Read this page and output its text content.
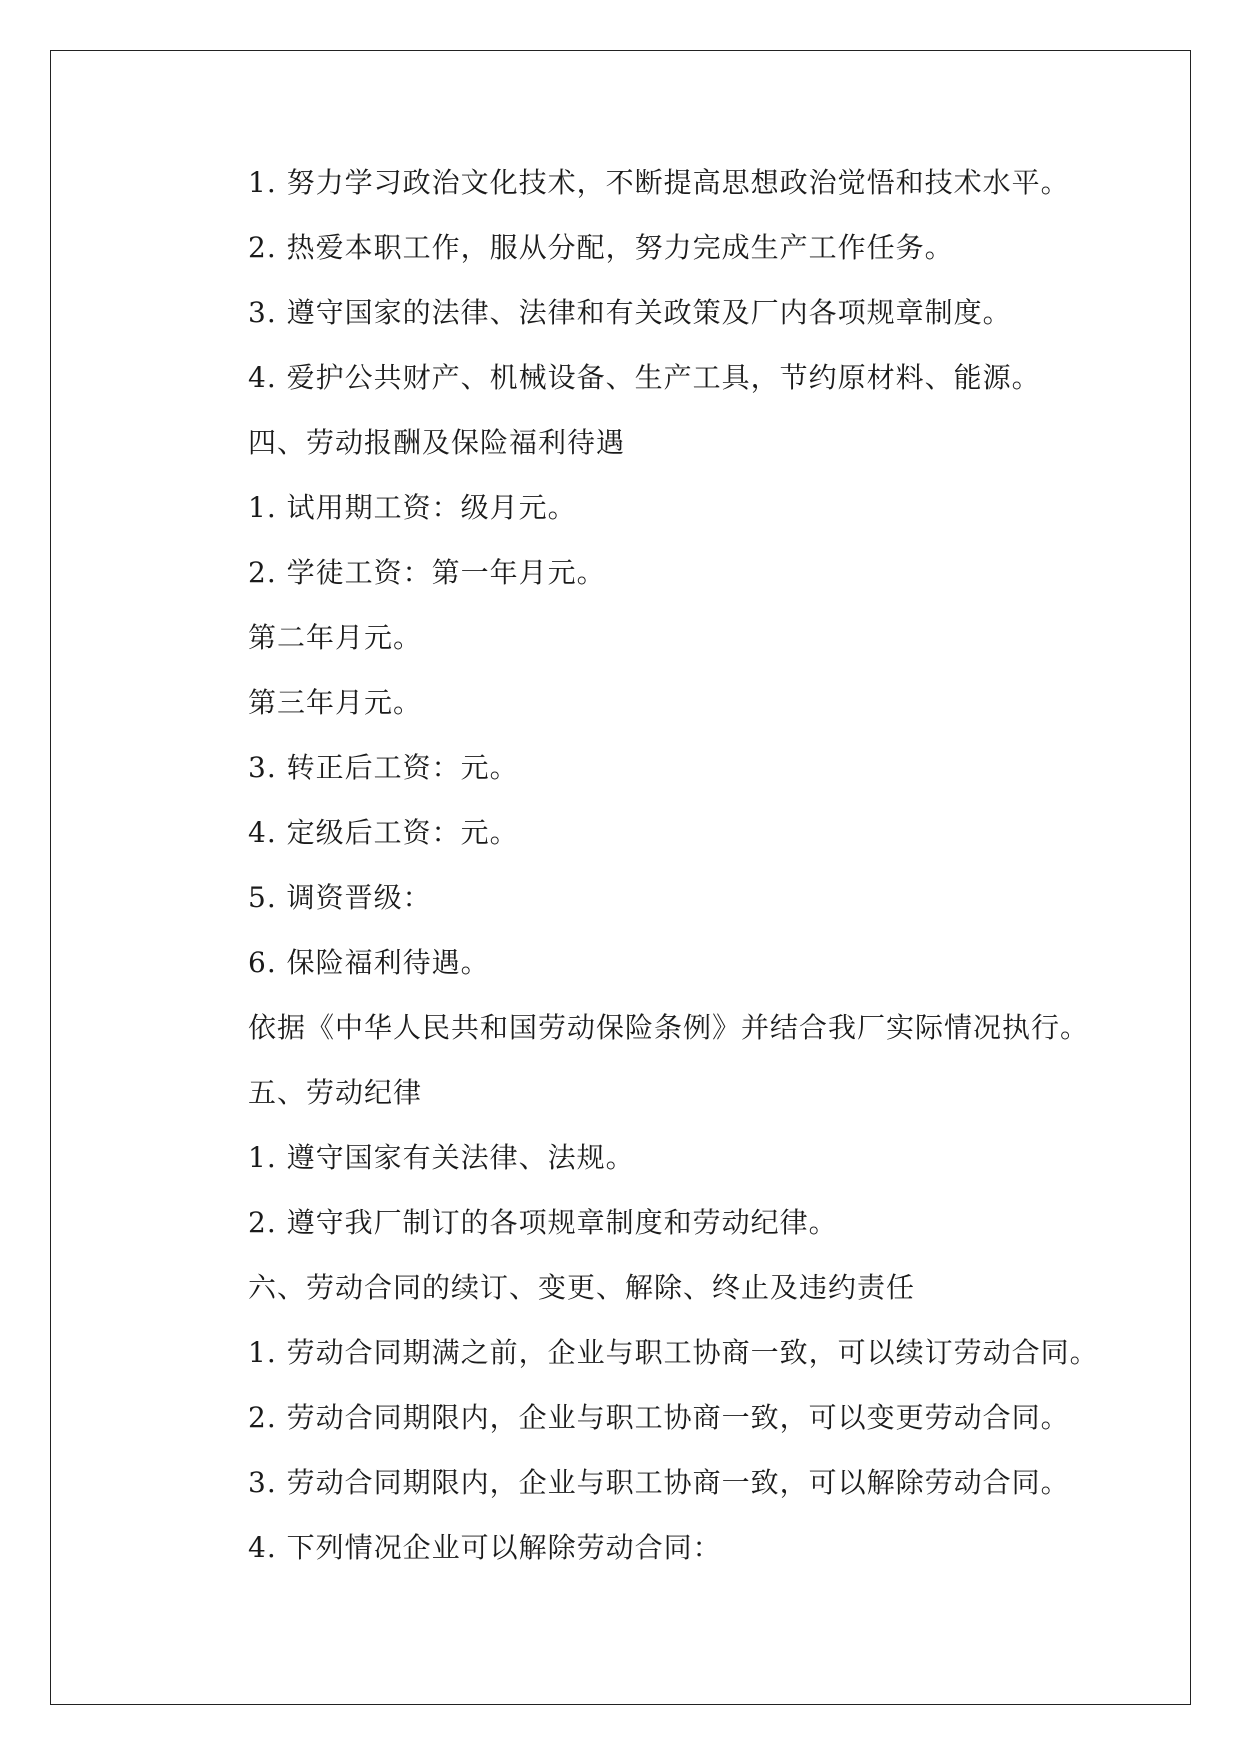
1. 努力学习政治文化技术，不断提高思想政治觉悟和技术水平。
2. 热爱本职工作，服从分配，努力完成生产工作任务。
3. 遵守国家的法律、法律和有关政策及厂内各项规章制度。
4. 爱护公共财产、机械设备、生产工具，节约原材料、能源。
四、劳动报酬及保险福利待遇
1. 试用期工资：级月元。
2. 学徒工资：第一年月元。
第二年月元。
第三年月元。
3. 转正后工资：元。
4. 定级后工资：元。
5. 调资晋级：
6. 保险福利待遇。
依据《中华人民共和国劳动保险条例》并结合我厂实际情况执行。
五、劳动纪律
1. 遵守国家有关法律、法规。
2. 遵守我厂制订的各项规章制度和劳动纪律。
六、劳动合同的续订、变更、解除、终止及违约责任
1. 劳动合同期满之前，企业与职工协商一致，可以续订劳动合同。
2. 劳动合同期限内，企业与职工协商一致，可以变更劳动合同。
3. 劳动合同期限内，企业与职工协商一致，可以解除劳动合同。
4. 下列情况企业可以解除劳动合同：
